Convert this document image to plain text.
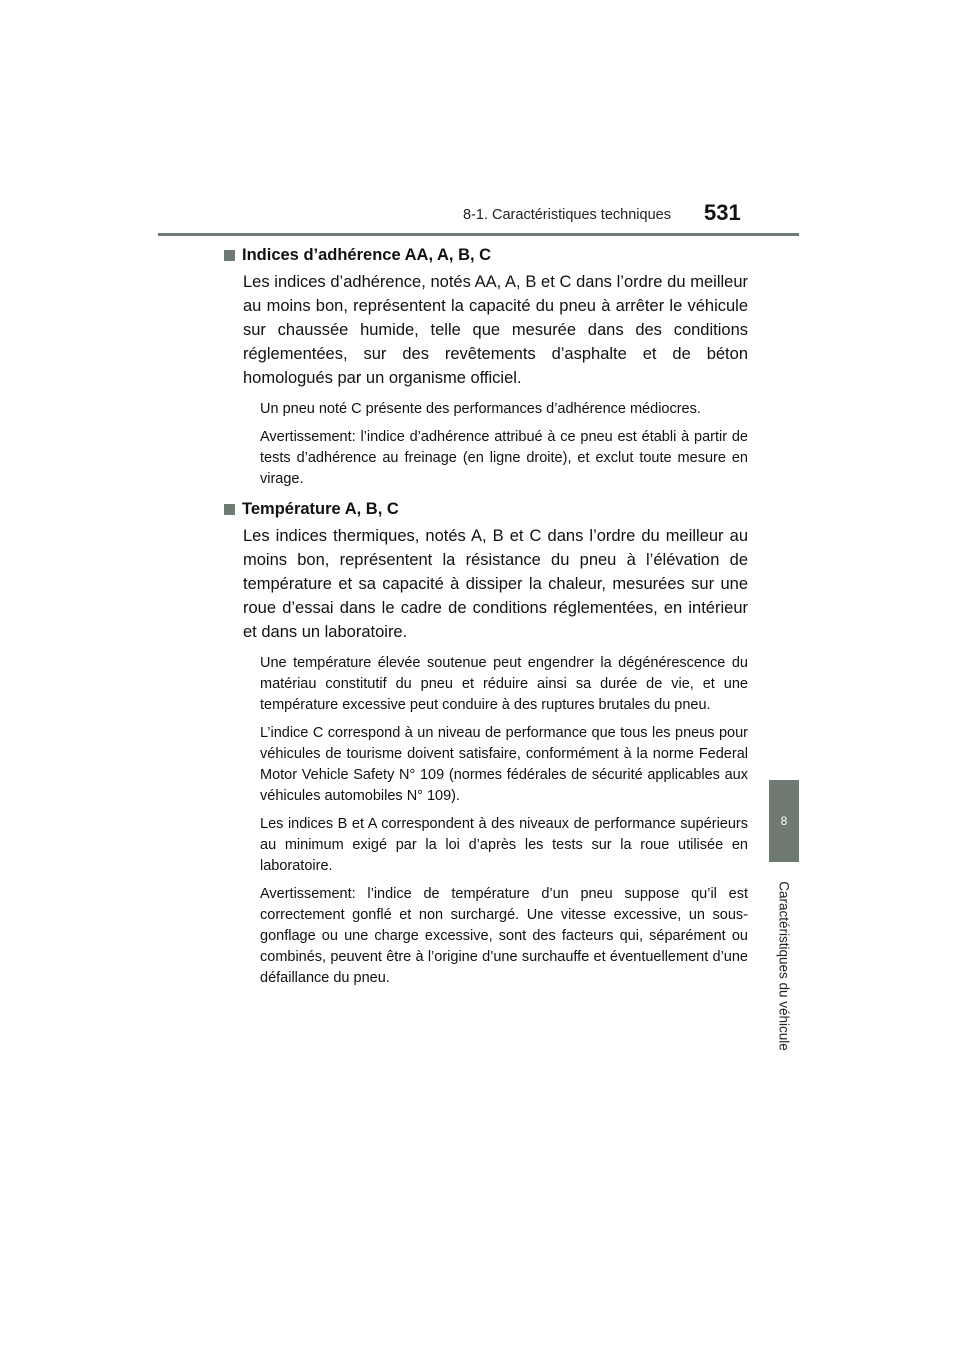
8-1. Caractéristiques techniques 531
8
Caractéristiques du véhicule
Indices d’adhérence AA, A, B, C

Les indices d’adhérence, notés AA, A, B et C dans l’ordre du meilleur au moins bon, représentent la capacité du pneu à arrêter le véhicule sur chaussée humide, telle que mesurée dans des conditions réglementées, sur des revêtements d’asphalte et de béton homologués par un organisme officiel.

Un pneu noté C présente des performances d’adhérence médiocres.

Avertissement: l’indice d’adhérence attribué à ce pneu est établi à partir de tests d’adhérence au freinage (en ligne droite), et exclut toute mesure en virage.

Température A, B, C

Les indices thermiques, notés A, B et C dans l’ordre du meilleur au moins bon, représentent la résistance du pneu à l’élévation de température et sa capacité à dissiper la chaleur, mesurées sur une roue d’essai dans le cadre de conditions réglementées, en intérieur et dans un laboratoire.

Une température élevée soutenue peut engendrer la dégénérescence du matériau constitutif du pneu et réduire ainsi sa durée de vie, et une température excessive peut conduire à des ruptures brutales du pneu.

L’indice C correspond à un niveau de performance que tous les pneus pour véhicules de tourisme doivent satisfaire, conformément à la norme Federal Motor Vehicle Safety N° 109 (normes fédérales de sécurité applicables aux véhicules automobiles N° 109).

Les indices B et A correspondent à des niveaux de performance supérieurs au minimum exigé par la loi d’après les tests sur la roue utilisée en laboratoire.

Avertissement: l’indice de température d’un pneu suppose qu’il est correctement gonflé et non surchargé. Une vitesse excessive, un sous-gonflage ou une charge excessive, sont des facteurs qui, séparément ou combinés, peuvent être à l’origine d’une surchauffe et éventuellement d’une défaillance du pneu.
